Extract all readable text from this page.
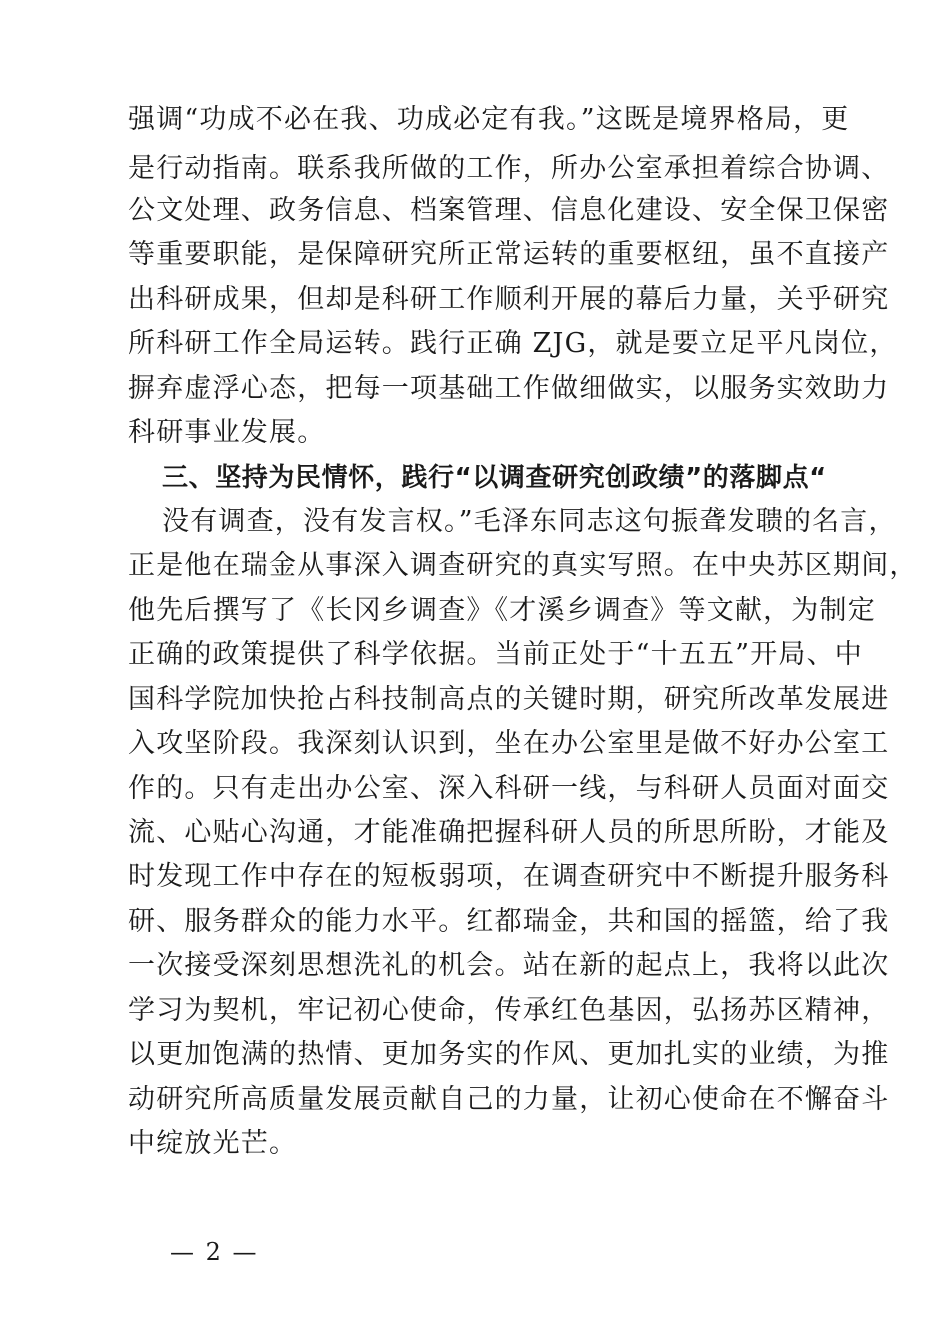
强调“功成不必在我、功成必定有我。”这既是境界格局，更
是行动指南。联系我所做的工作，所办公室承担着综合协调、
公文处理、政务信息、档案管理、信息化建设、安全保卫保密
等重要职能，是保障研究所正常运转的重要枢纽，虽不直接产
出科研成果，但却是科研工作顺利开展的幕后力量，关乎研究
所科研工作全局运转。践行正确 ZJG，就是要立足平凡岗位，
摒弃虚浮心态，把每一项基础工作做细做实，以服务实效助力
科研事业发展。
三、坚持为民情怀，践行“以调查研究创政绩”的落脚点“
没有调查，没有发言权。”毛泽东同志这句振聋发聩的名言，
正是他在瑞金从事深入调查研究的真实写照。在中央苏区期间，
他先后撰写了《长冈乡调查》《才溪乡调查》等文献，为制定
正确的政策提供了科学依据。当前正处于“十五五”开局、中
国科学院加快抢占科技制高点的关键时期，研究所改革发展进
入攻坚阶段。我深刻认识到，坐在办公室里是做不好办公室工
作的。只有走出办公室、深入科研一线，与科研人员面对面交
流、心贴心沟通，才能准确把握科研人员的所思所盼，才能及
时发现工作中存在的短板弱项，在调查研究中不断提升服务科
研、服务群众的能力水平。红都瑞金，共和国的摇篮，给了我
一次接受深刻思想洗礼的机会。站在新的起点上，我将以此次
学习为契机，牢记初心使命，传承红色基因，弘扬苏区精神，
以更加饱满的热情、更加务实的作风、更加扎实的业绩，为推
动研究所高质量发展贡献自己的力量，让初心使命在不懈奋斗
中绽放光芒。
— 2 —
